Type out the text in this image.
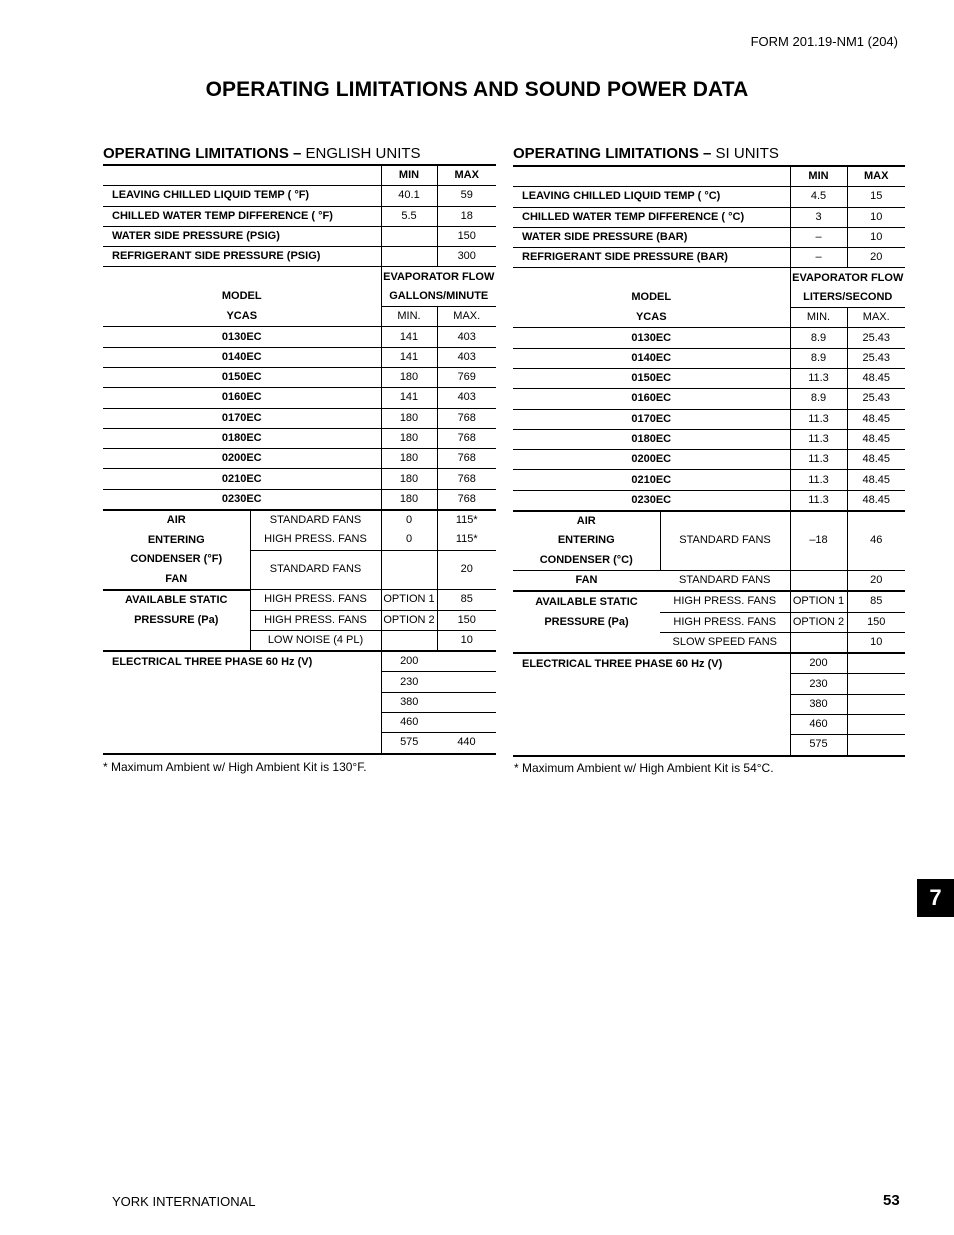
FORM 201.19-NM1 (204)
OPERATING LIMITATIONS AND SOUND POWER DATA
OPERATING LIMITATIONS – ENGLISH UNITS	OPERATING LIMITATIONS – SI UNITS
		MIN	MAX
LEAVING CHILLED LIQUID TEMP ( °F)		40.1	59
CHILLED WATER TEMP DIFFERENCE ( °F)		5.5	18
WATER SIDE PRESSURE (PSIG)			150
REFRIGERANT SIDE PRESSURE (PSIG)			300
		EVAPORATOR FLOW	
MODEL		GALLONS/MINUTE	
YCAS		MIN.	MAX.
0130EC		141	403
0140EC		141	403
0150EC		180	769
0160EC		141	403
0170EC		180	768
0180EC		180	768
0200EC		180	768
0210EC		180	768
0230EC		180	768
AIR	STANDARD FANS	0	115*
ENTERING	HIGH PRESS. FANS	0	115*
CONDENSER (°F)	STANDARD FANS		20
FAN			
AVAILABLE STATIC	HIGH PRESS. FANS	OPTION 1	85
PRESSURE (Pa)	HIGH PRESS. FANS	OPTION 2	150
	LOW NOISE (4 PL)		10
ELECTRICAL THREE PHASE 60 Hz (V)		200	
		230	
		380	
		460	
		575	440
* Maximum Ambient w/ High Ambient Kit is 130°F.
		MIN	MAX
LEAVING CHILLED LIQUID TEMP ( °C)		4.5	15
CHILLED WATER TEMP DIFFERENCE ( °C)		3	10
WATER SIDE PRESSURE (BAR)		–	10
REFRIGERANT SIDE PRESSURE (BAR)		–	20
		EVAPORATOR FLOW	
MODEL		LITERS/SECOND	
YCAS		MIN.	MAX.
0130EC		8.9	25.43
0140EC		8.9	25.43
0150EC		11.3	48.45
0160EC		8.9	25.43
0170EC		11.3	48.45
0180EC		11.3	48.45
0200EC		11.3	48.45
0210EC		11.3	48.45
0230EC		11.3	48.45
AIR	STANDARD FANS	–18	46
ENTERING			
CONDENSER (°C)			
FAN	STANDARD FANS		20
AVAILABLE STATIC	HIGH PRESS. FANS	OPTION 1	85
PRESSURE (Pa)	HIGH PRESS. FANS	OPTION 2	150
	SLOW SPEED FANS		10
ELECTRICAL THREE PHASE 60 Hz (V)		200	
		230	
		380	
		460	
		575	
* Maximum Ambient w/ High Ambient Kit is 54°C.
7
YORK INTERNATIONAL	53
